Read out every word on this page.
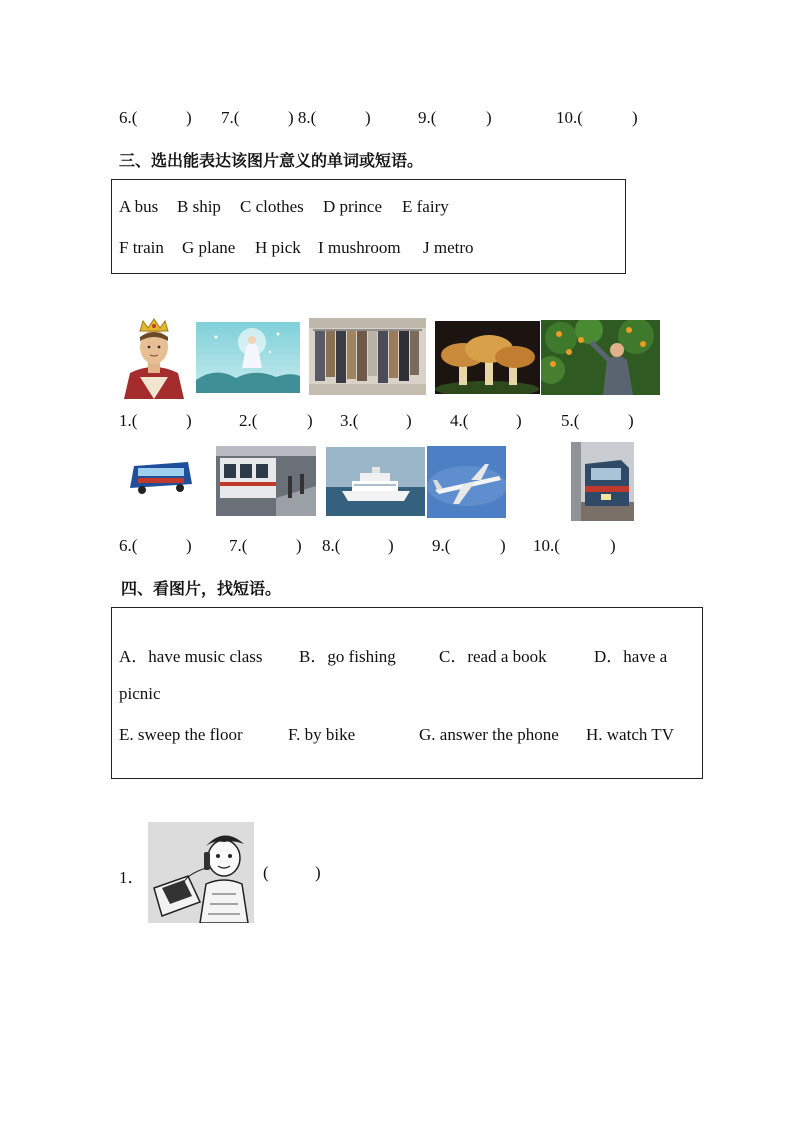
6.(	) 7.(	) 8.(	)	9.(	)	10.(	)
三、选出能表达该图片意义的单词或短语。
A bus B ship C clothes D prince E fairy
F train G plane H pick I mushroom J metro
1.(	)	2.(	) 3.(	) 4.(	) 5.(	)
6.(	) 7.(	) 8.(	) 9.(	) 10.(	)
四、看图片，找短语。
A．have music class B．go fishing	C．read a book	D．have a
picnic
E. sweep the floor	F. by bike	G. answer the phone H. watch TV
1．	(	)
